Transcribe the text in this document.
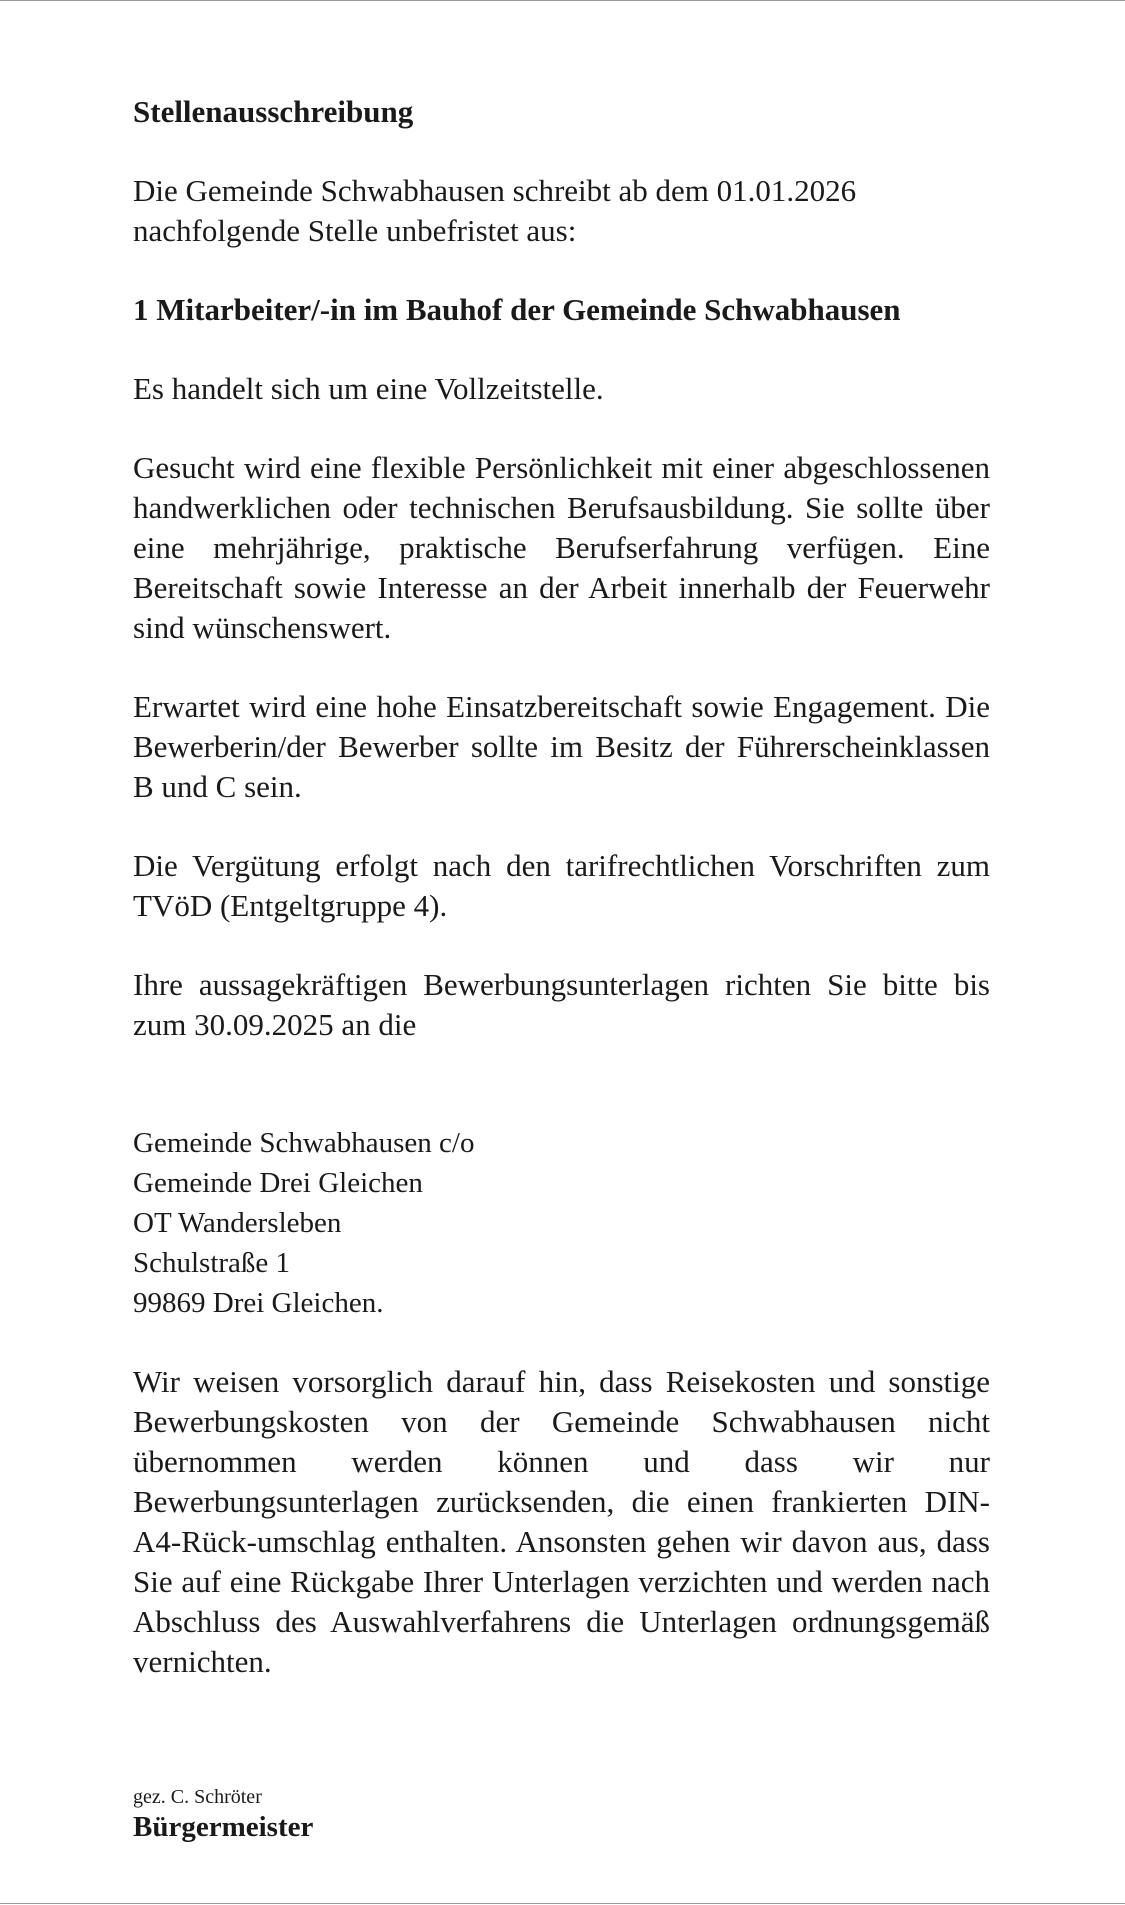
Stellenausschreibung
Die Gemeinde Schwabhausen schreibt ab dem 01.01.2026
nachfolgende Stelle unbefristet aus:
1 Mitarbeiter/-in im Bauhof der Gemeinde Schwabhausen
Es handelt sich um eine Vollzeitstelle.
Gesucht wird eine flexible Persönlichkeit mit einer abgeschlossenen handwerklichen oder technischen Berufsausbildung. Sie sollte über eine mehrjährige, praktische Berufserfahrung verfügen. Eine Bereitschaft sowie Interesse an der Arbeit innerhalb der Feuerwehr sind wünschenswert.
Erwartet wird eine hohe Einsatzbereitschaft sowie Engagement. Die Bewerberin/der Bewerber sollte im Besitz der Führerscheinklassen B und C sein.
Die Vergütung erfolgt nach den tarifrechtlichen Vorschriften zum TVöD (Entgeltgruppe 4).
Ihre aussagekräftigen Bewerbungsunterlagen richten Sie bitte bis zum 30.09.2025 an die
Gemeinde Schwabhausen c/o
Gemeinde Drei Gleichen
OT Wandersleben
Schulstraße 1
99869 Drei Gleichen.
Wir weisen vorsorglich darauf hin, dass Reisekosten und sonstige Bewerbungskosten von der Gemeinde Schwabhausen nicht übernommen werden können und dass wir nur Bewerbungsunterlagen zurücksenden, die einen frankierten DIN-A4-Rück-umschlag enthalten. Ansonsten gehen wir davon aus, dass Sie auf eine Rückgabe Ihrer Unterlagen verzichten und werden nach Abschluss des Auswahlverfahrens die Unterlagen ordnungsgemäß vernichten.
gez. C. Schröter
Bürgermeister
